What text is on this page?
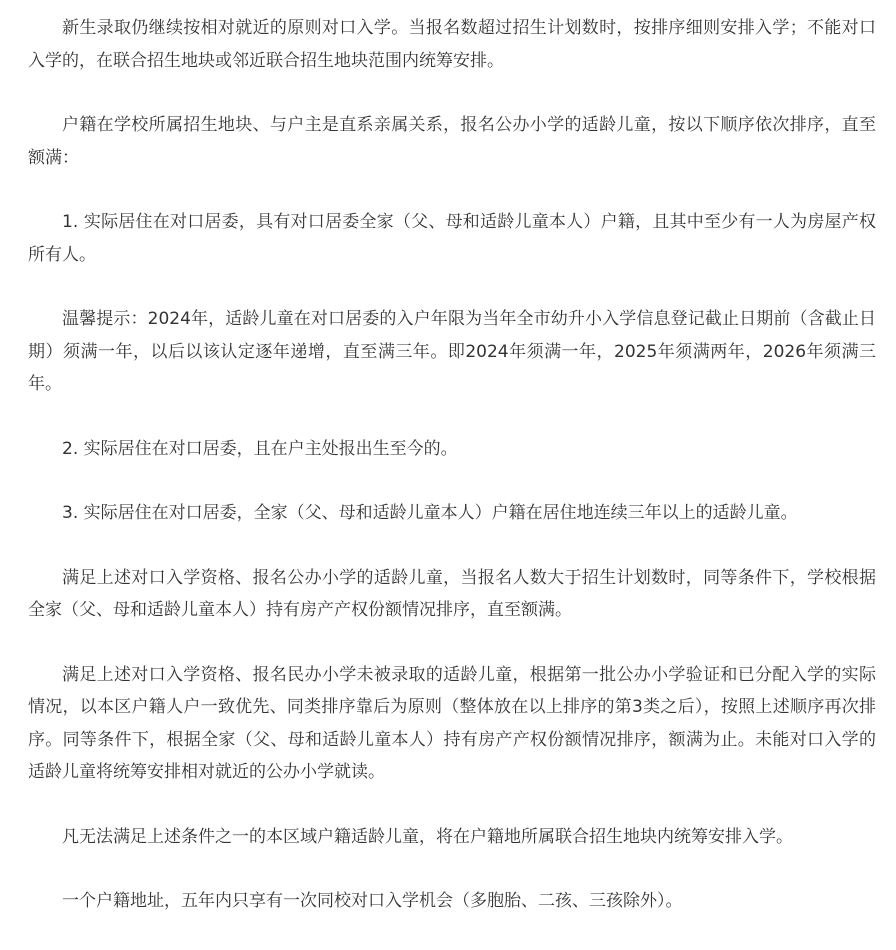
新生录取仍继续按相对就近的原则对口入学。当报名数超过招生计划数时，按排序细则安排入学；不能对口入学的，在联合招生地块或邻近联合招生地块范围内统筹安排。

户籍在学校所属招生地块、与户主是直系亲属关系，报名公办小学的适龄儿童，按以下顺序依次排序，直至额满：

1. 实际居住在对口居委，具有对口居委全家（父、母和适龄儿童本人）户籍，且其中至少有一人为房屋产权所有人。

温馨提示：2024年，适龄儿童在对口居委的入户年限为当年全市幼升小入学信息登记截止日期前（含截止日期）须满一年，以后以该认定逐年递增，直至满三年。即2024年须满一年，2025年须满两年，2026年须满三年。

2. 实际居住在对口居委，且在户主处报出生至今的。

3. 实际居住在对口居委，全家（父、母和适龄儿童本人）户籍在居住地连续三年以上的适龄儿童。

满足上述对口入学资格、报名公办小学的适龄儿童，当报名人数大于招生计划数时，同等条件下，学校根据全家（父、母和适龄儿童本人）持有房产产权份额情况排序，直至额满。

满足上述对口入学资格、报名民办小学未被录取的适龄儿童，根据第一批公办小学验证和已分配入学的实际情况，以本区户籍人户一致优先、同类排序靠后为原则（整体放在以上排序的第3类之后），按照上述顺序再次排序。同等条件下，根据全家（父、母和适龄儿童本人）持有房产产权份额情况排序，额满为止。未能对口入学的适龄儿童将统筹安排相对就近的公办小学就读。

凡无法满足上述条件之一的本区域户籍适龄儿童，将在户籍地所属联合招生地块内统筹安排入学。

一个户籍地址，五年内只享有一次同校对口入学机会（多胞胎、二孩、三孩除外）。
